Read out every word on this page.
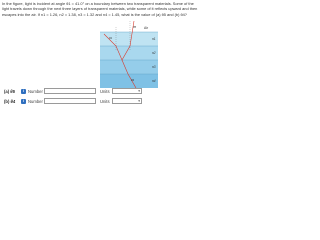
In the figure, light is incident at angle θ1 = 41.0° on a boundary between two transparent materials. Some of the light travels down through the next three layers of transparent materials, while some of it reflects upward and then escapes into the air. If n1 = 1.26, n2 = 1.38, n3 = 1.32 and n4 = 1.45, what is the value of (a) θ5 and (b) θ4?

Air
n1
n2
n3
n4
θ1
θ5
θ4
(a) θ5	i Number	Units	▾
(b) θ4	i Number	Units	▾
